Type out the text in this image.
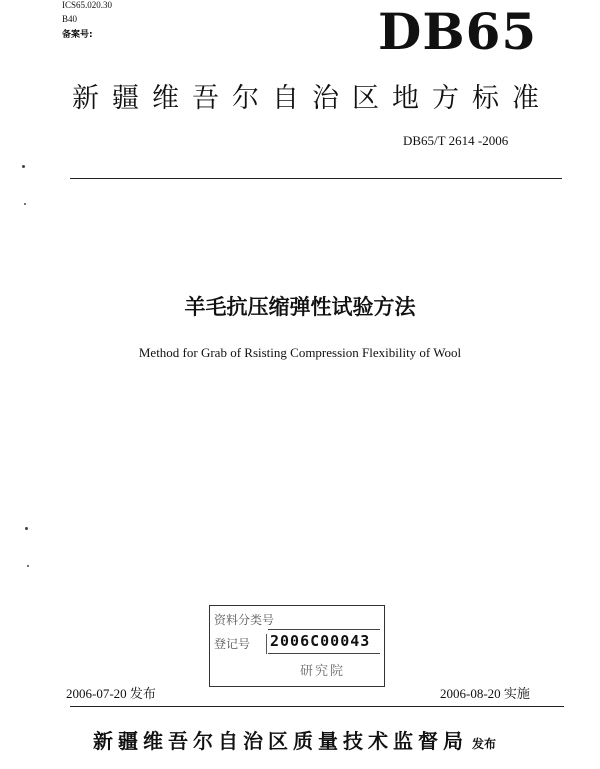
ICS65.020.30
B40
备案号:	DB65
新疆维吾尔自治区地方标准
DB65/T 2614 -2006
羊毛抗压缩弹性试验方法
Method for Grab of Rsisting Compression Flexibility of Wool
资料分类号
登记号 2006C00043
研究院
2006-07-20 发布	2006-08-20 实施
新疆维吾尔自治区质量技术监督局 发布
